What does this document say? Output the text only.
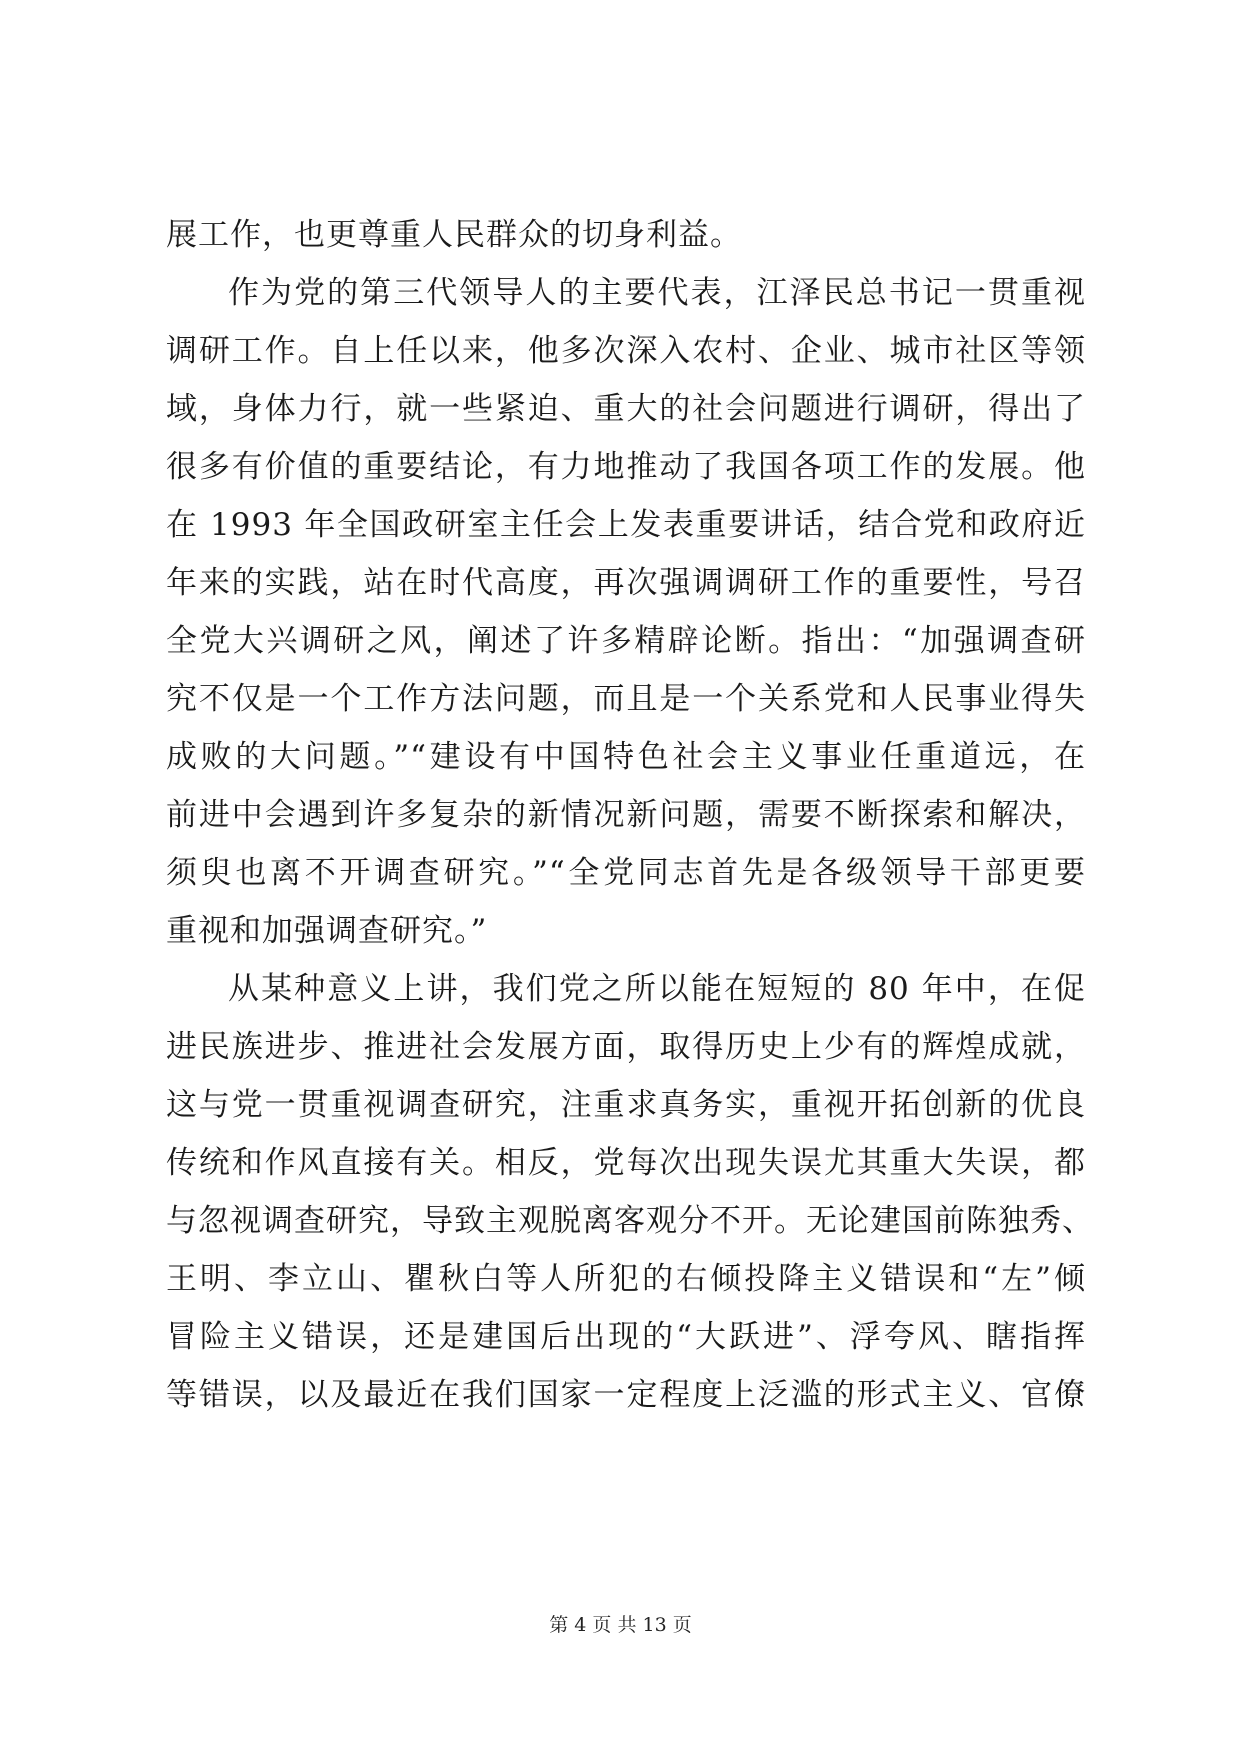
展工作，也更尊重人民群众的切身利益。
作为党的第三代领导人的主要代表，江泽民总书记一贯重视
调研工作。自上任以来，他多次深入农村、企业、城市社区等领
域，身体力行，就一些紧迫、重大的社会问题进行调研，得出了
很多有价值的重要结论，有力地推动了我国各项工作的发展。他
在 1993 年全国政研室主任会上发表重要讲话，结合党和政府近
年来的实践，站在时代高度，再次强调调研工作的重要性，号召
全党大兴调研之风，阐述了许多精辟论断。指出：“加强调查研
究不仅是一个工作方法问题，而且是一个关系党和人民事业得失
成败的大问题。”“建设有中国特色社会主义事业任重道远，在
前进中会遇到许多复杂的新情况新问题，需要不断探索和解决，
须臾也离不开调查研究。”“全党同志首先是各级领导干部更要
重视和加强调查研究。”
从某种意义上讲，我们党之所以能在短短的 80 年中，在促
进民族进步、推进社会发展方面，取得历史上少有的辉煌成就，
这与党一贯重视调查研究，注重求真务实，重视开拓创新的优良
传统和作风直接有关。相反，党每次出现失误尤其重大失误，都
与忽视调查研究，导致主观脱离客观分不开。无论建国前陈独秀、
王明、李立山、瞿秋白等人所犯的右倾投降主义错误和“左”倾
冒险主义错误，还是建国后出现的“大跃进”、浮夸风、瞎指挥
等错误，以及最近在我们国家一定程度上泛滥的形式主义、官僚
第 4 页 共 13 页
